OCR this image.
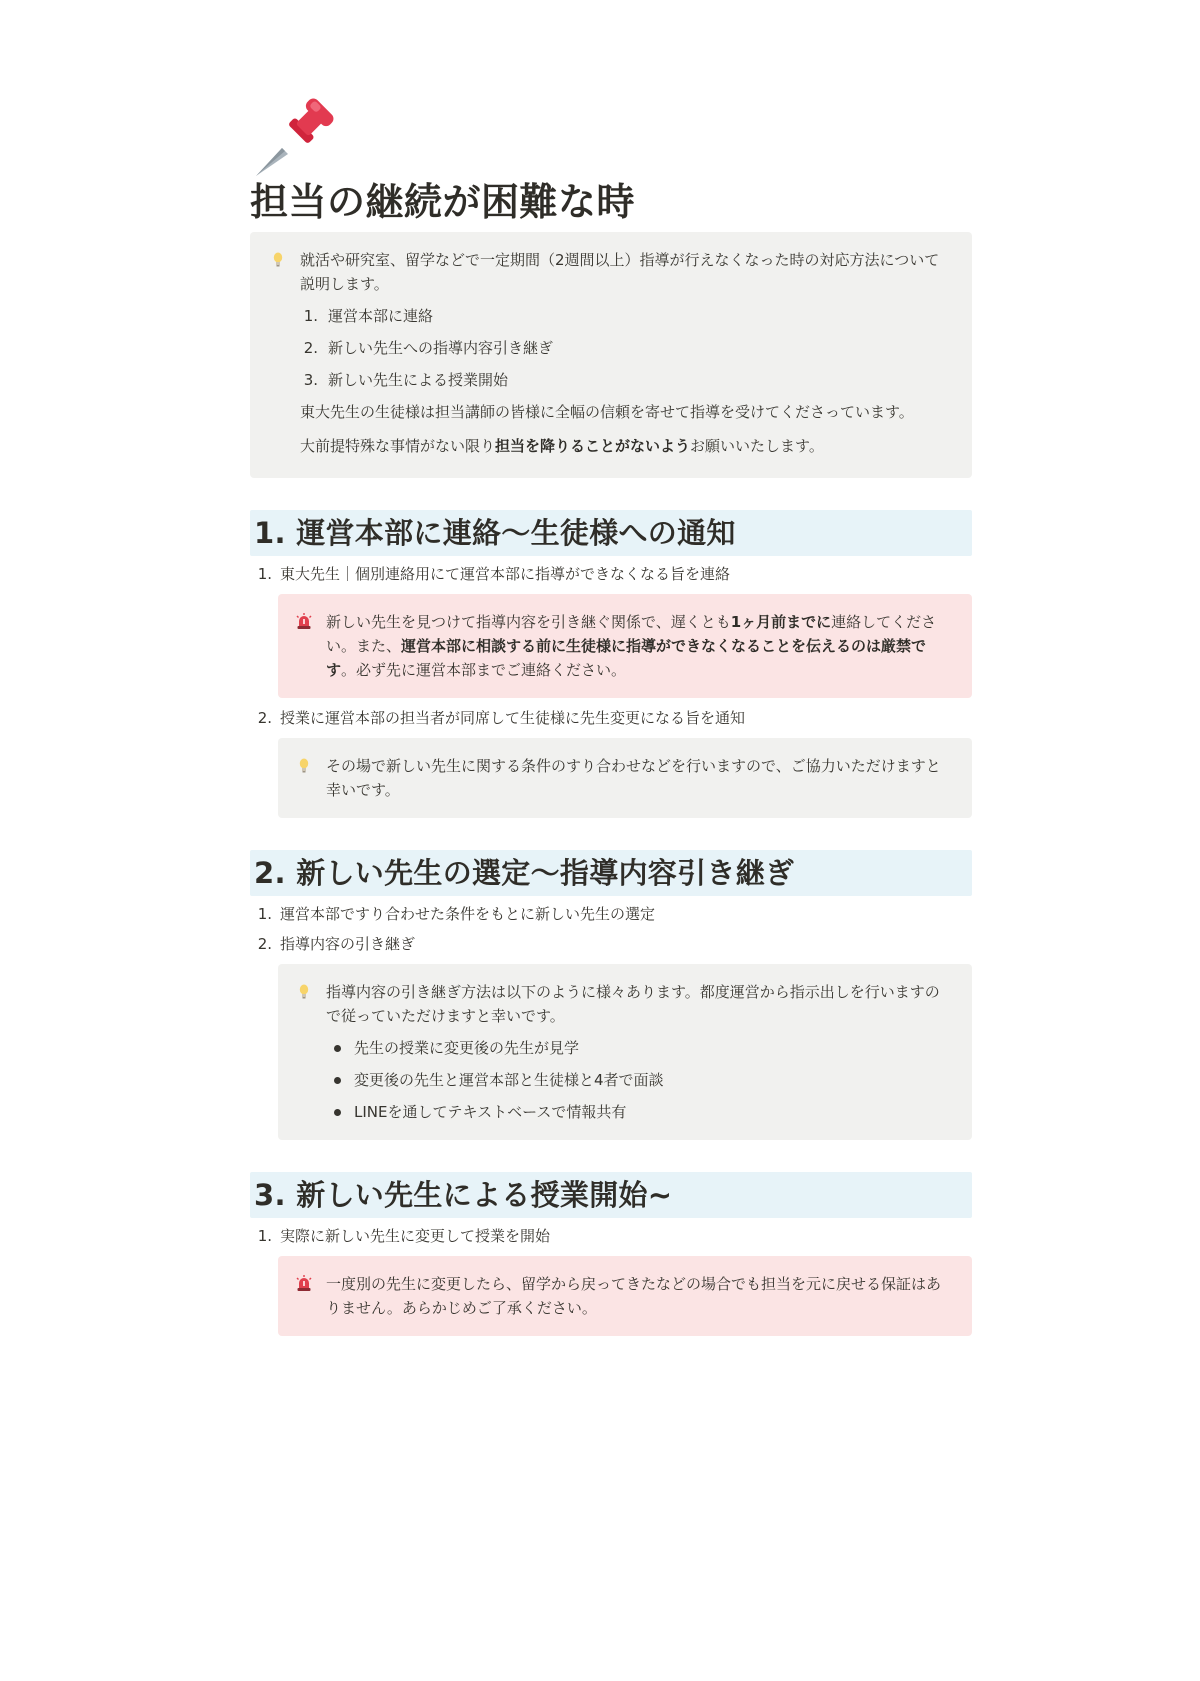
担当の継続が困難な時

就活や研究室、留学などで一定期間（2週間以上）指導が行えなくなった時の対応方法について説明します。

1. 運営本部に連絡
2. 新しい先生への指導内容引き継ぎ
3. 新しい先生による授業開始

東大先生の生徒様は担当講師の皆様に全幅の信頼を寄せて指導を受けてくださっています。

大前提特殊な事情がない限り担当を降りることがないようお願いいたします。

1. 運営本部に連絡〜生徒様への通知
1. 東大先生｜個別連絡用にて運営本部に指導ができなくなる旨を連絡
新しい先生を見つけて指導内容を引き継ぐ関係で、遅くとも1ヶ月前までに連絡してください。また、運営本部に相談する前に生徒様に指導ができなくなることを伝えるのは厳禁です。必ず先に運営本部までご連絡ください。
2. 授業に運営本部の担当者が同席して生徒様に先生変更になる旨を通知
その場で新しい先生に関する条件のすり合わせなどを行いますので、ご協力いただけますと幸いです。
2. 新しい先生の選定〜指導内容引き継ぎ
1. 運営本部ですり合わせた条件をもとに新しい先生の選定
2. 指導内容の引き継ぎ

指導内容の引き継ぎ方法は以下のように様々あります。都度運営から指示出しを行いますので従っていただけますと幸いです。

先生の授業に変更後の先生が見学
変更後の先生と運営本部と生徒様と4者で面談
LINEを通してテキストベースで情報共有
3. 新しい先生による授業開始~
1. 実際に新しい先生に変更して授業を開始
一度別の先生に変更したら、留学から戻ってきたなどの場合でも担当を元に戻せる保証はありません。あらかじめご了承ください。
